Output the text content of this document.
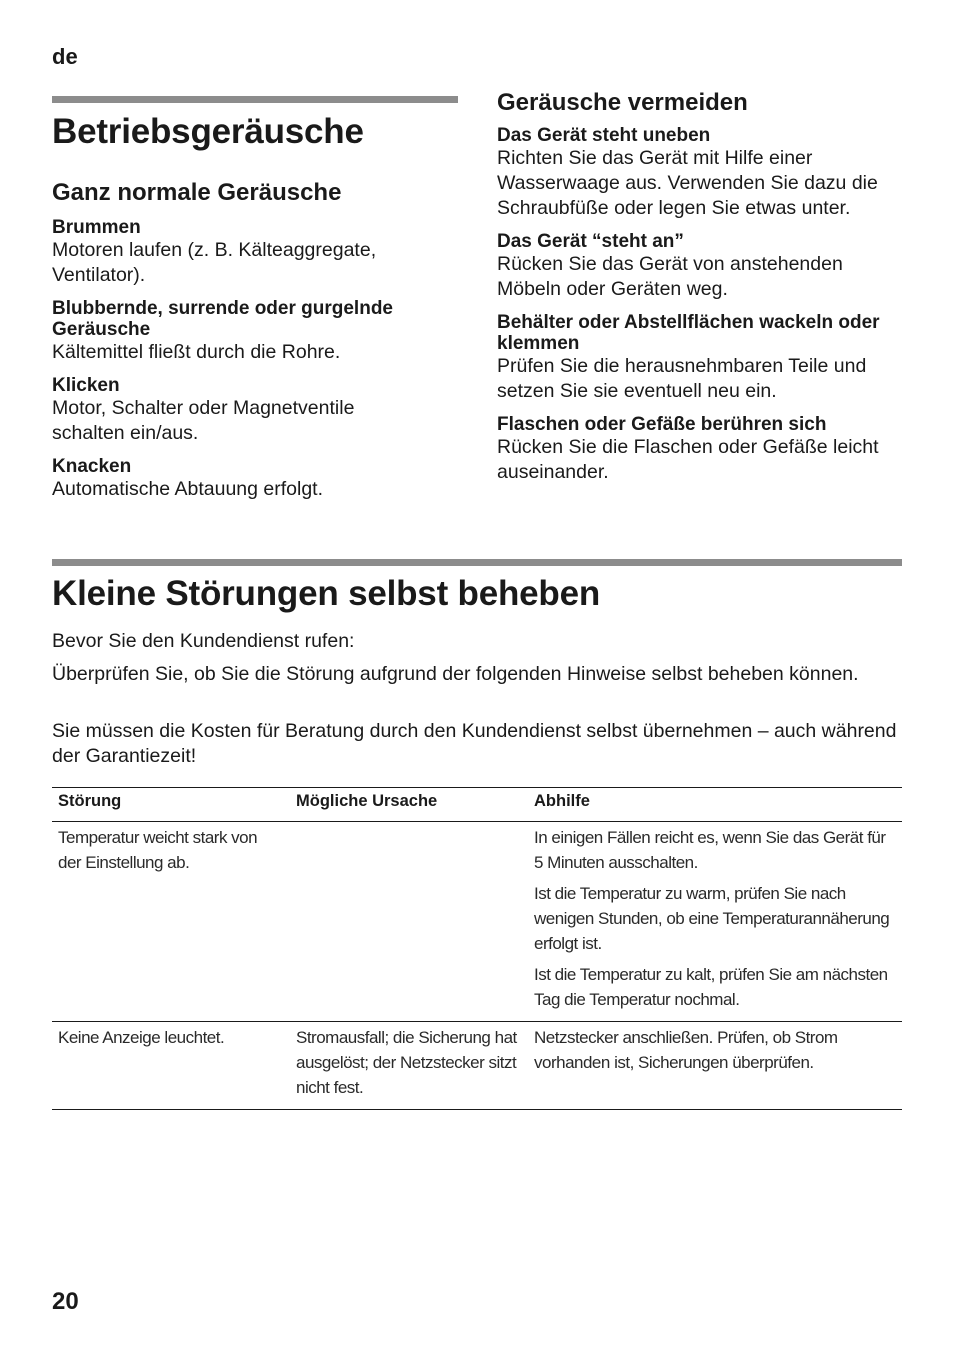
de
Betriebsgeräusche
Ganz normale Geräusche
Brummen
Motoren laufen (z. B. Kälteaggregate, Ventilator).
Blubbernde, surrende oder gurgelnde Geräusche
Kältemittel fließt durch die Rohre.
Klicken
Motor, Schalter oder Magnetventile schalten ein/aus.
Knacken
Automatische Abtauung erfolgt.
Geräusche vermeiden
Das Gerät steht uneben
Richten Sie das Gerät mit Hilfe einer Wasserwaage aus. Verwenden Sie dazu die Schraubfüße oder legen Sie etwas unter.
Das Gerät “steht an”
Rücken Sie das Gerät von anstehenden Möbeln oder Geräten weg.
Behälter oder Abstellflächen wackeln oder klemmen
Prüfen Sie die herausnehmbaren Teile und setzen Sie sie eventuell neu ein.
Flaschen oder Gefäße berühren sich
Rücken Sie die Flaschen oder Gefäße leicht auseinander.
Kleine Störungen selbst beheben
Bevor Sie den Kundendienst rufen:
Überprüfen Sie, ob Sie die Störung aufgrund der folgenden Hinweise selbst beheben können.
Sie müssen die Kosten für Beratung durch den Kundendienst selbst übernehmen – auch während der Garantiezeit!
Störung	Mögliche Ursache	Abhilfe
Temperatur weicht stark von der Einstellung ab.		In einigen Fällen reicht es, wenn Sie das Gerät für 5 Minuten ausschalten.

Ist die Temperatur zu warm, prüfen Sie nach wenigen Stunden, ob eine Temperaturannäherung erfolgt ist.

Ist die Temperatur zu kalt, prüfen Sie am nächsten Tag die Temperatur nochmal.

Keine Anzeige leuchtet.	Stromausfall; die Sicherung hat ausgelöst; der Netzstecker sitzt nicht fest.	Netzstecker anschließen. Prüfen, ob Strom vorhanden ist, Sicherungen überprüfen.

20
